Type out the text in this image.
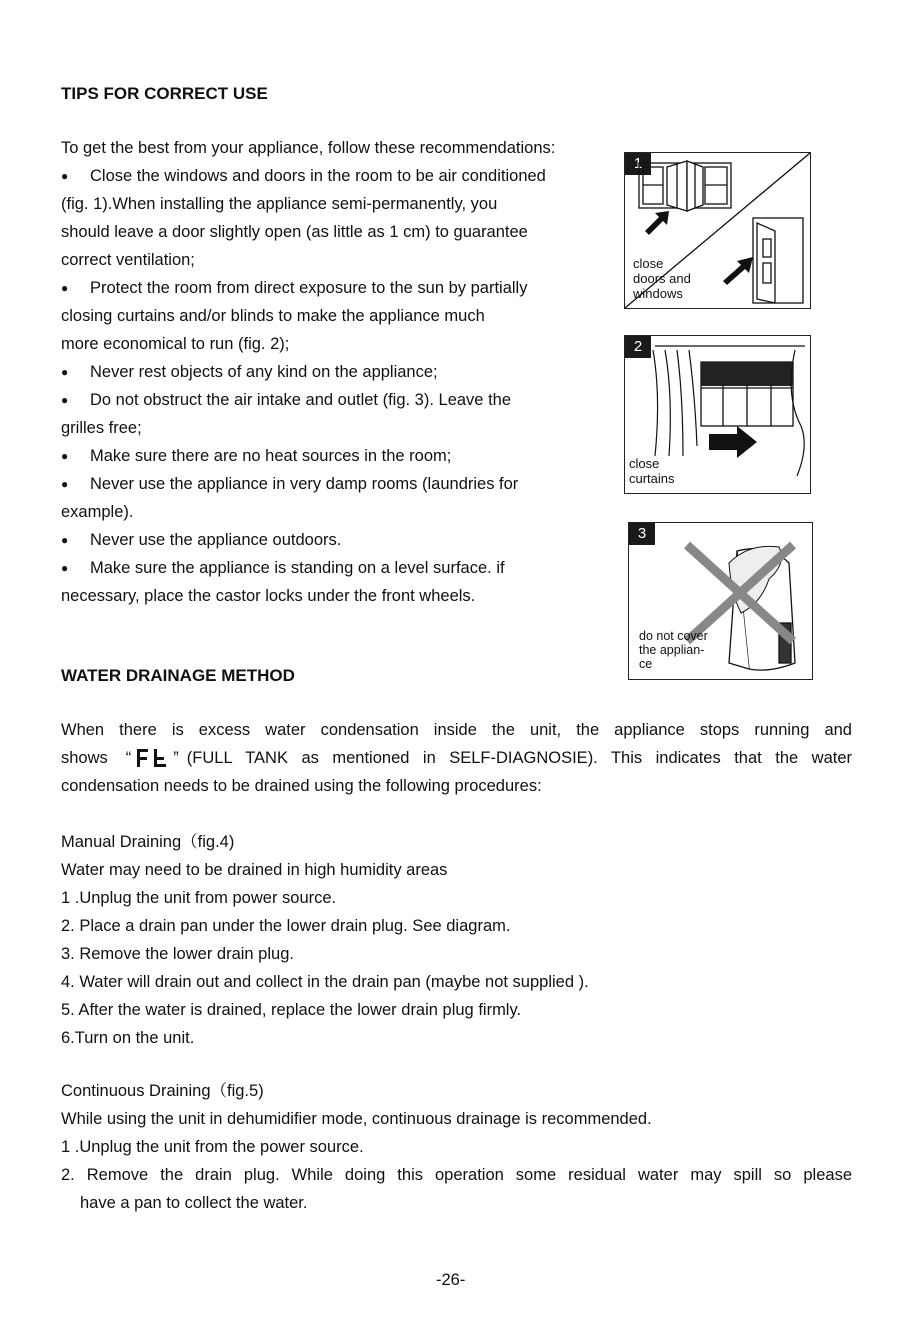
TIPS FOR CORRECT USE
To get the best from your appliance, follow these recommendations:
● Close the windows and doors in the room to be air conditioned
(fig. 1).When installing the appliance semi-permanently, you
should leave a door slightly open (as little as 1 cm) to guarantee
correct ventilation;
● Protect the room from direct exposure to the sun by partially
closing curtains and/or blinds to make the appliance much
more economical to run (fig. 2);
● Never rest objects of any kind on the appliance;
● Do not obstruct the air intake and outlet (fig. 3). Leave the
grilles free;
● Make sure there are no heat sources in the room;
● Never use the appliance in very damp rooms (laundries for
example).
● Never use the appliance outdoors.
● Make sure the appliance is standing on a level surface. if
necessary, place the castor locks under the front wheels.
1
close
doors and
windows
2
close
curtains
3
do not cover
the applian-
ce
WATER DRAINAGE METHOD
When there is excess water condensation inside the unit, the appliance stops running and
shows “	” (FULL TANK as mentioned in SELF-DIAGNOSIE). This indicates that the water
condensation needs to be drained using the following procedures:
Manual Draining（fig.4)
Water may need to be drained in high humidity areas
1 .Unplug the unit from power source.
2. Place a drain pan under the lower drain plug. See diagram.
3. Remove the lower drain plug.
4. Water will drain out and collect in the drain pan (maybe not supplied ).
5. After the water is drained, replace the lower drain plug firmly.
6.Turn on the unit.
Continuous Draining（fig.5)
While using the unit in dehumidifier mode, continuous drainage is recommended.
1 .Unplug the unit from the power source.
2. Remove the drain plug. While doing this operation some residual water may spill so please
have a pan to collect the water.
-26-
